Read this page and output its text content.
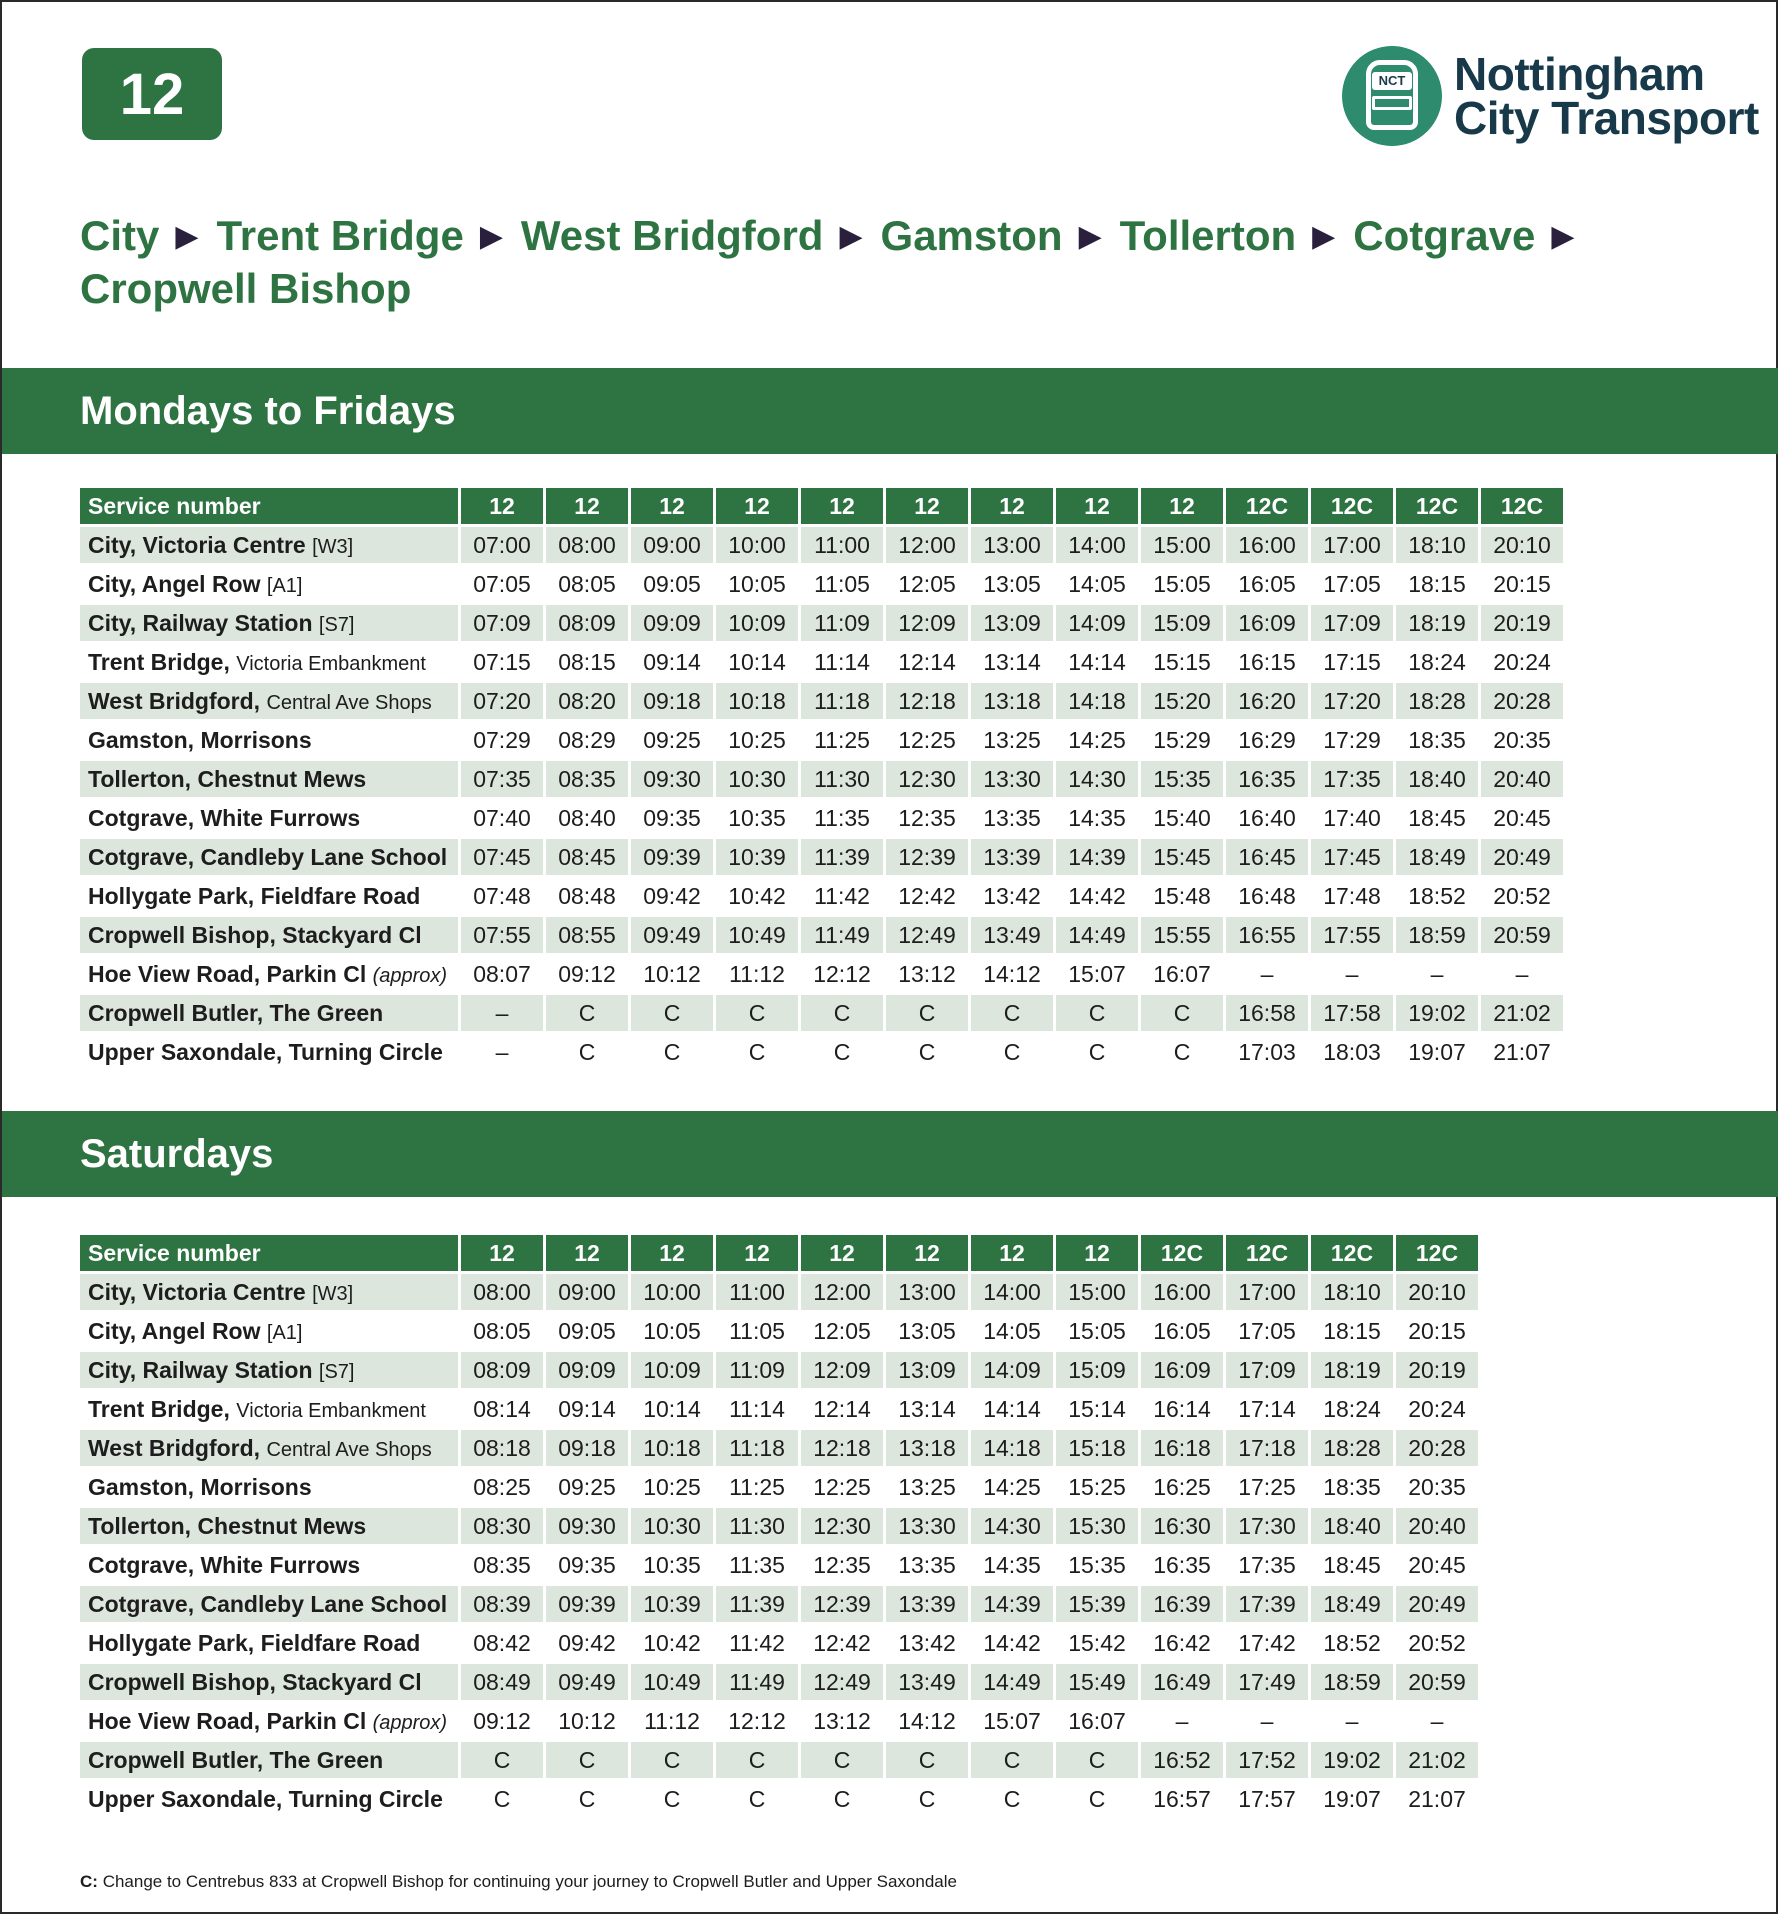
12	NCT Nottingham
City Transport
City ▶ Trent Bridge ▶ West Bridgford ▶ Gamston ▶ Tollerton ▶ Cotgrave ▶
Cropwell Bishop
Mondays to Fridays
Service number	12	12	12	12	12	12	12	12	12	12C	12C	12C	12C
City, Victoria Centre [W3]	07:00	08:00	09:00	10:00	11:00	12:00	13:00	14:00	15:00	16:00	17:00	18:10	20:10
City, Angel Row [A1]	07:05	08:05	09:05	10:05	11:05	12:05	13:05	14:05	15:05	16:05	17:05	18:15	20:15
City, Railway Station [S7]	07:09	08:09	09:09	10:09	11:09	12:09	13:09	14:09	15:09	16:09	17:09	18:19	20:19
Trent Bridge, Victoria Embankment	07:15	08:15	09:14	10:14	11:14	12:14	13:14	14:14	15:15	16:15	17:15	18:24	20:24
West Bridgford, Central Ave Shops	07:20	08:20	09:18	10:18	11:18	12:18	13:18	14:18	15:20	16:20	17:20	18:28	20:28
Gamston, Morrisons	07:29	08:29	09:25	10:25	11:25	12:25	13:25	14:25	15:29	16:29	17:29	18:35	20:35
Tollerton, Chestnut Mews	07:35	08:35	09:30	10:30	11:30	12:30	13:30	14:30	15:35	16:35	17:35	18:40	20:40
Cotgrave, White Furrows	07:40	08:40	09:35	10:35	11:35	12:35	13:35	14:35	15:40	16:40	17:40	18:45	20:45
Cotgrave, Candleby Lane School	07:45	08:45	09:39	10:39	11:39	12:39	13:39	14:39	15:45	16:45	17:45	18:49	20:49
Hollygate Park, Fieldfare Road	07:48	08:48	09:42	10:42	11:42	12:42	13:42	14:42	15:48	16:48	17:48	18:52	20:52
Cropwell Bishop, Stackyard Cl	07:55	08:55	09:49	10:49	11:49	12:49	13:49	14:49	15:55	16:55	17:55	18:59	20:59
Hoe View Road, Parkin Cl (approx)	08:07	09:12	10:12	11:12	12:12	13:12	14:12	15:07	16:07	–	–	–	–
Cropwell Butler, The Green	–	C	C	C	C	C	C	C	C	16:58	17:58	19:02	21:02
Upper Saxondale, Turning Circle	–	C	C	C	C	C	C	C	C	17:03	18:03	19:07	21:07
Saturdays
Service number	12	12	12	12	12	12	12	12	12C	12C	12C	12C
City, Victoria Centre [W3]	08:00	09:00	10:00	11:00	12:00	13:00	14:00	15:00	16:00	17:00	18:10	20:10
City, Angel Row [A1]	08:05	09:05	10:05	11:05	12:05	13:05	14:05	15:05	16:05	17:05	18:15	20:15
City, Railway Station [S7]	08:09	09:09	10:09	11:09	12:09	13:09	14:09	15:09	16:09	17:09	18:19	20:19
Trent Bridge, Victoria Embankment	08:14	09:14	10:14	11:14	12:14	13:14	14:14	15:14	16:14	17:14	18:24	20:24
West Bridgford, Central Ave Shops	08:18	09:18	10:18	11:18	12:18	13:18	14:18	15:18	16:18	17:18	18:28	20:28
Gamston, Morrisons	08:25	09:25	10:25	11:25	12:25	13:25	14:25	15:25	16:25	17:25	18:35	20:35
Tollerton, Chestnut Mews	08:30	09:30	10:30	11:30	12:30	13:30	14:30	15:30	16:30	17:30	18:40	20:40
Cotgrave, White Furrows	08:35	09:35	10:35	11:35	12:35	13:35	14:35	15:35	16:35	17:35	18:45	20:45
Cotgrave, Candleby Lane School	08:39	09:39	10:39	11:39	12:39	13:39	14:39	15:39	16:39	17:39	18:49	20:49
Hollygate Park, Fieldfare Road	08:42	09:42	10:42	11:42	12:42	13:42	14:42	15:42	16:42	17:42	18:52	20:52
Cropwell Bishop, Stackyard Cl	08:49	09:49	10:49	11:49	12:49	13:49	14:49	15:49	16:49	17:49	18:59	20:59
Hoe View Road, Parkin Cl (approx)	09:12	10:12	11:12	12:12	13:12	14:12	15:07	16:07	–	–	–	–
Cropwell Butler, The Green	C	C	C	C	C	C	C	C	16:52	17:52	19:02	21:02
Upper Saxondale, Turning Circle	C	C	C	C	C	C	C	C	16:57	17:57	19:07	21:07
C: Change to Centrebus 833 at Cropwell Bishop for continuing your journey to Cropwell Butler and Upper Saxondale
